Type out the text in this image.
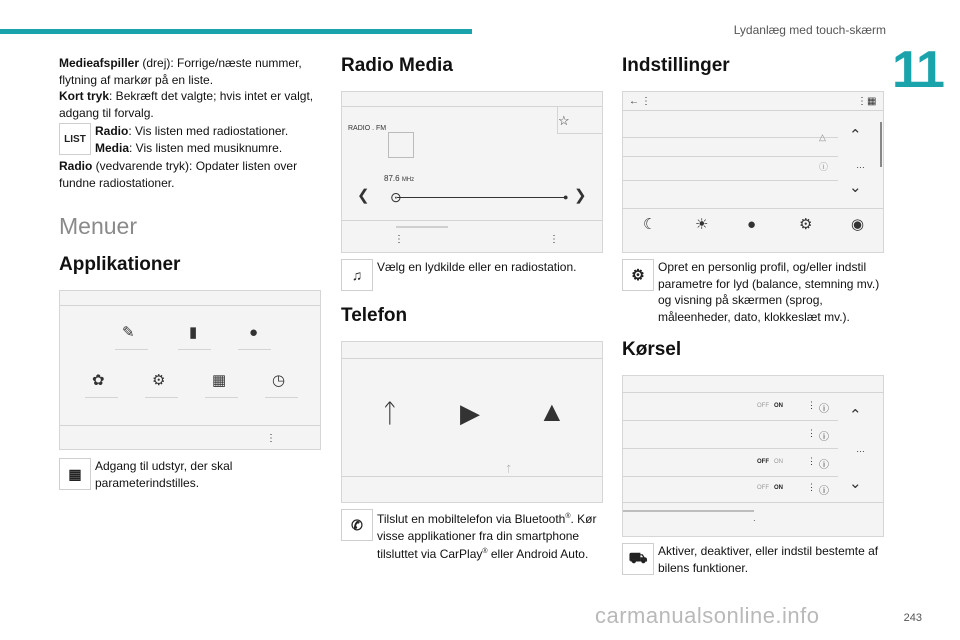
Lydanlæg med touch-skærm
11

Medieafspiller (drej): Forrige/næste nummer, flytning af markør på en liste.

Kort tryk: Bekræft det valgte; hvis intet er valgt, adgang til forvalg.

LIST

Radio: Vis listen med radiostationer.

Media: Vis listen med musiknumre.

Radio (vedvarende tryk): Opdater listen over fundne radiostationer.

Menuer
Applikationer
✎	▮	●
✿	⚙	▦	◷
⋮
▦	Adgang til udstyr, der skal parameterindstilles.

Radio Media
RADIO . FM
☆
87.6 MHz
❮ ⊙	● ❯
⋮	⋮
♫	Vælg en lydkilde eller en radiostation.

Telefon
ᛏ ▶ ▲
ᛏ
✆	Tilslut en mobiltelefon via Bluetooth®. Kør visse applikationer fra din smartphone tilsluttet via CarPlay® eller Android Auto.

Indstillinger
← ⋮	⋮ ▦
△
ⓘ
⌃
…
⌄
☾	☀	●	⚙	◉
⚙	Opret en personlig profil, og/eller indstil parametre for lyd (balance, stemning mv.) og visning på skærmen (sprog, måleenheder, dato, klokkeslæt mv.).

Kørsel
OFF ON	⋮ ⓘ
⋮ ⓘ
OFF ON	⋮ ⓘ
OFF ON	⋮ ⓘ
⌃
…
⌄
·
⛟ Aktiver, deaktiver, eller indstil bestemte af bilens funktioner.

carmanualsonline.info	243
